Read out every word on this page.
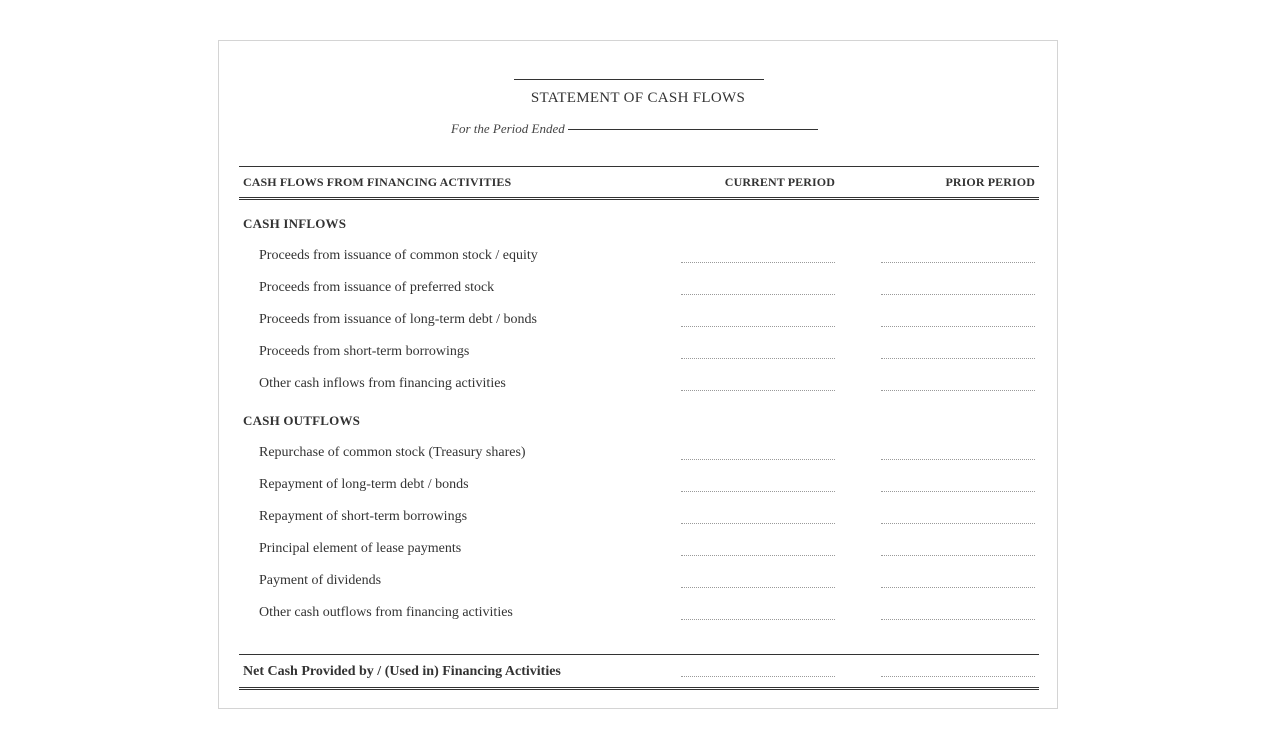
STATEMENT OF CASH FLOWS
For the Period Ended
CASH FLOWS FROM FINANCING ACTIVITIES	CURRENT PERIOD	PRIOR PERIOD
CASH INFLOWS
Proceeds from issuance of common stock / equity
Proceeds from issuance of preferred stock
Proceeds from issuance of long-term debt / bonds
Proceeds from short-term borrowings
Other cash inflows from financing activities
CASH OUTFLOWS
Repurchase of common stock (Treasury shares)
Repayment of long-term debt / bonds
Repayment of short-term borrowings
Principal element of lease payments
Payment of dividends
Other cash outflows from financing activities
Net Cash Provided by / (Used in) Financing Activities
